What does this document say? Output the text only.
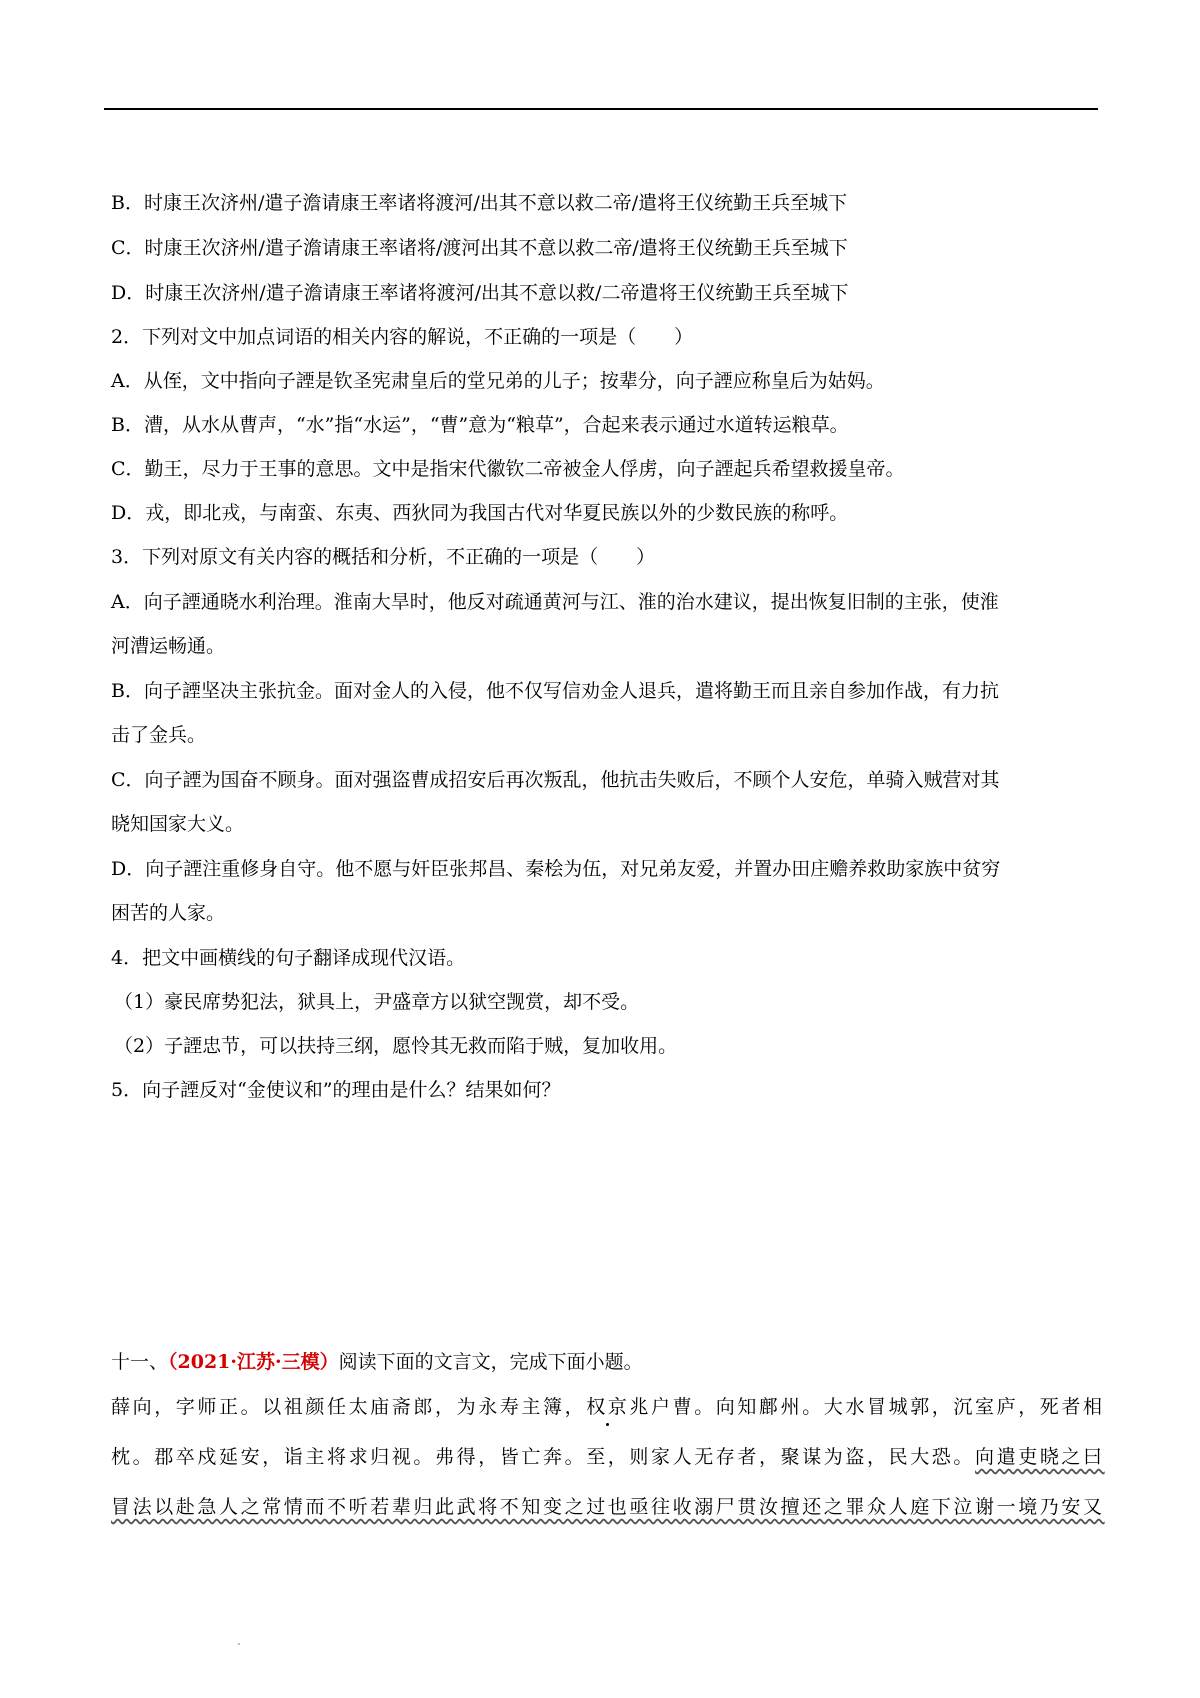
B．时康王次济州/遣子澹请康王率诸将渡河/出其不意以救二帝/遣将王仪统勤王兵至城下
C．时康王次济州/遣子澹请康王率诸将/渡河出其不意以救二帝/遣将王仪统勤王兵至城下
D．时康王次济州/遣子澹请康王率诸将渡河/出其不意以救/二帝遣将王仪统勤王兵至城下
2．下列对文中加点词语的相关内容的解说，不正确的一项是（　　）
A．从侄，文中指向子諲是钦圣宪肃皇后的堂兄弟的儿子；按辈分，向子諲应称皇后为姑妈。
B．漕，从水从曹声，“水”指“水运”，“曹”意为“粮草”，合起来表示通过水道转运粮草。
C．勤王，尽力于王事的意思。文中是指宋代徽钦二帝被金人俘虏，向子諲起兵希望救援皇帝。
D．戎，即北戎，与南蛮、东夷、西狄同为我国古代对华夏民族以外的少数民族的称呼。
3．下列对原文有关内容的概括和分析，不正确的一项是（　　）
A．向子諲通晓水利治理。淮南大旱时，他反对疏通黄河与江、淮的治水建议，提出恢复旧制的主张，使淮
河漕运畅通。
B．向子諲坚决主张抗金。面对金人的入侵，他不仅写信劝金人退兵，遣将勤王而且亲自参加作战，有力抗
击了金兵。
C．向子諲为国奋不顾身。面对强盗曹成招安后再次叛乱，他抗击失败后，不顾个人安危，单骑入贼营对其
晓知国家大义。
D．向子諲注重修身自守。他不愿与奸臣张邦昌、秦桧为伍，对兄弟友爱，并置办田庄赡养救助家族中贫穷
困苦的人家。
4．把文中画横线的句子翻译成现代汉语。
（1）豪民席势犯法，狱具上，尹盛章方以狱空觊赏，却不受。
（2）子諲忠节，可以扶持三纲，愿怜其无救而陷于贼，复加收用。
5．向子諲反对“金使议和”的理由是什么？结果如何？
十一、（2021·江苏·三模）阅读下面的文言文，完成下面小题。
薛向，字师正。以祖颜任太庙斋郎，为永寿主簿，权京兆户曹。向知鄜州。大水冒城郭，沉室庐，死者相
枕。郡卒戍延安，诣主将求归视。弗得，皆亡奔。至，则家人无存者，聚谋为盗，民大恐。向遣吏晓之曰
冒法以赴急人之常情而不听若辈归此武将不知变之过也亟往收溺尸贯汝擅还之罪众人庭下泣谢一境乃安又
